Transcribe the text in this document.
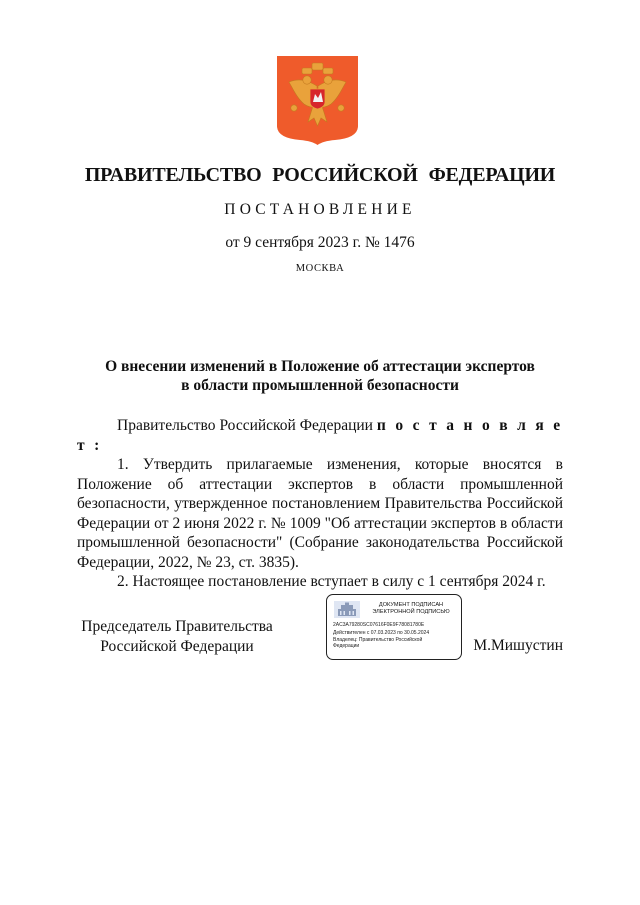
ПРАВИТЕЛЬСТВО РОССИЙСКОЙ ФЕДЕРАЦИИ
ПОСТАНОВЛЕНИЕ
от 9 сентября 2023 г. № 1476
МОСКВА
О внесении изменений в Положение об аттестации экспертов
в области промышленной безопасности

Правительство Российской Федерации п о с т а н о в л я е т :

1. Утвердить прилагаемые изменения, которые вносятся в Положение об аттестации экспертов в области промышленной безопасности, утвержденное постановлением Правительства Российской Федерации от 2 июня 2022 г. № 1009 "Об аттестации экспертов в области промышленной безопасности" (Собрание законодательства Российской Федерации, 2022, № 23, ст. 3835).

2. Настоящее постановление вступает в силу с 1 сентября 2024 г.

Председатель Правительства
Российской Федерации
ДОКУМЕНТ ПОДПИСАН
ЭЛЕКТРОННОЙ ПОДПИСЬЮ
2AC3A79280SC07616F0E9F78081780E
Действителен с 07.03.2023 по 30.05.2024
Владелец: Правительство Российской
Федерации	М.Мишустин
